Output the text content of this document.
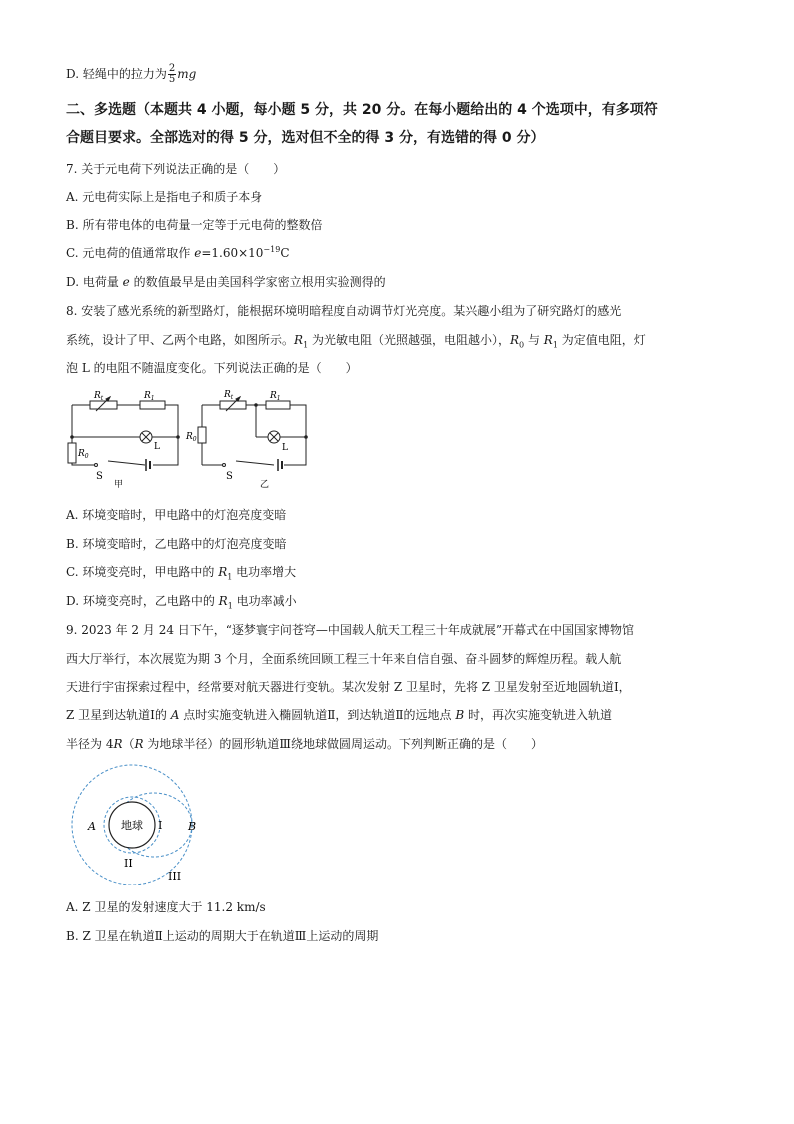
D. 轻绳中的拉力为 $\frac{2}{5}$ mg
二、多选题（本题共 4 小题，每小题 5 分，共 20 分。在每小题给出的 4 个选项中，有多项符
合题目要求。全部选对的得 5 分，选对但不全的得 3 分，有选错的得 0 分）
7. 关于元电荷下列说法正确的是（　　）
A. 元电荷实际上是指电子和质子本身
B. 所有带电体的电荷量一定等于元电荷的整数倍
C. 元电荷的值通常取作 $e=1.60\times 10^{-19}C$
D. 电荷量 e 的数值最早是由美国科学家密立根用实验测得的
8. 安装了感光系统的新型路灯，能根据环境明暗程度自动调节灯光亮度。某兴趣小组为了研究路灯的感光
系统，设计了甲、乙两个电路，如图所示。$R_1$ 为光敏电阻（光照越强，电阻越小），$R_0$ 与 $R_1$ 为定值电阻，灯
泡 L 的电阻不随温度变化。下列说法正确的是（　　）
$R_t$	$R_1$
$R_0$
L
S
甲
$R_t$	$R_1$
$R_0$
L
S
乙
A. 环境变暗时，甲电路中的灯泡亮度变暗
B. 环境变暗时，乙电路中的灯泡亮度变暗
C. 环境变亮时，甲电路中的 $R_1$ 电功率增大
D. 环境变亮时，乙电路中的 $R_1$ 电功率减小
9. 2023 年 2 月 24 日下午，“逐梦寰宇问苍穹—中国载人航天工程三十年成就展”开幕式在中国国家博物馆
西大厅举行，本次展览为期 3 个月，全面系统回顾工程三十年来自信自强、奋斗圆梦的辉煌历程。载人航
天进行宇宙探索过程中，经常要对航天器进行变轨。某次发射 Z 卫星时，先将 Z 卫星发射至近地圆轨道Ⅰ，
Z 卫星到达轨道Ⅰ的 A 点时实施变轨进入椭圆轨道Ⅱ，到达轨道Ⅱ的远地点 B 时，再次实施变轨进入轨道
半径为 4R（R 为地球半径）的圆形轨道Ⅲ绕地球做圆周运动。下列判断正确的是（　　）
地球
A	B
I
II
III
A. Z 卫星的发射速度大于 11.2 km/s
B. Z 卫星在轨道Ⅱ上运动的周期大于在轨道Ⅲ上运动的周期
